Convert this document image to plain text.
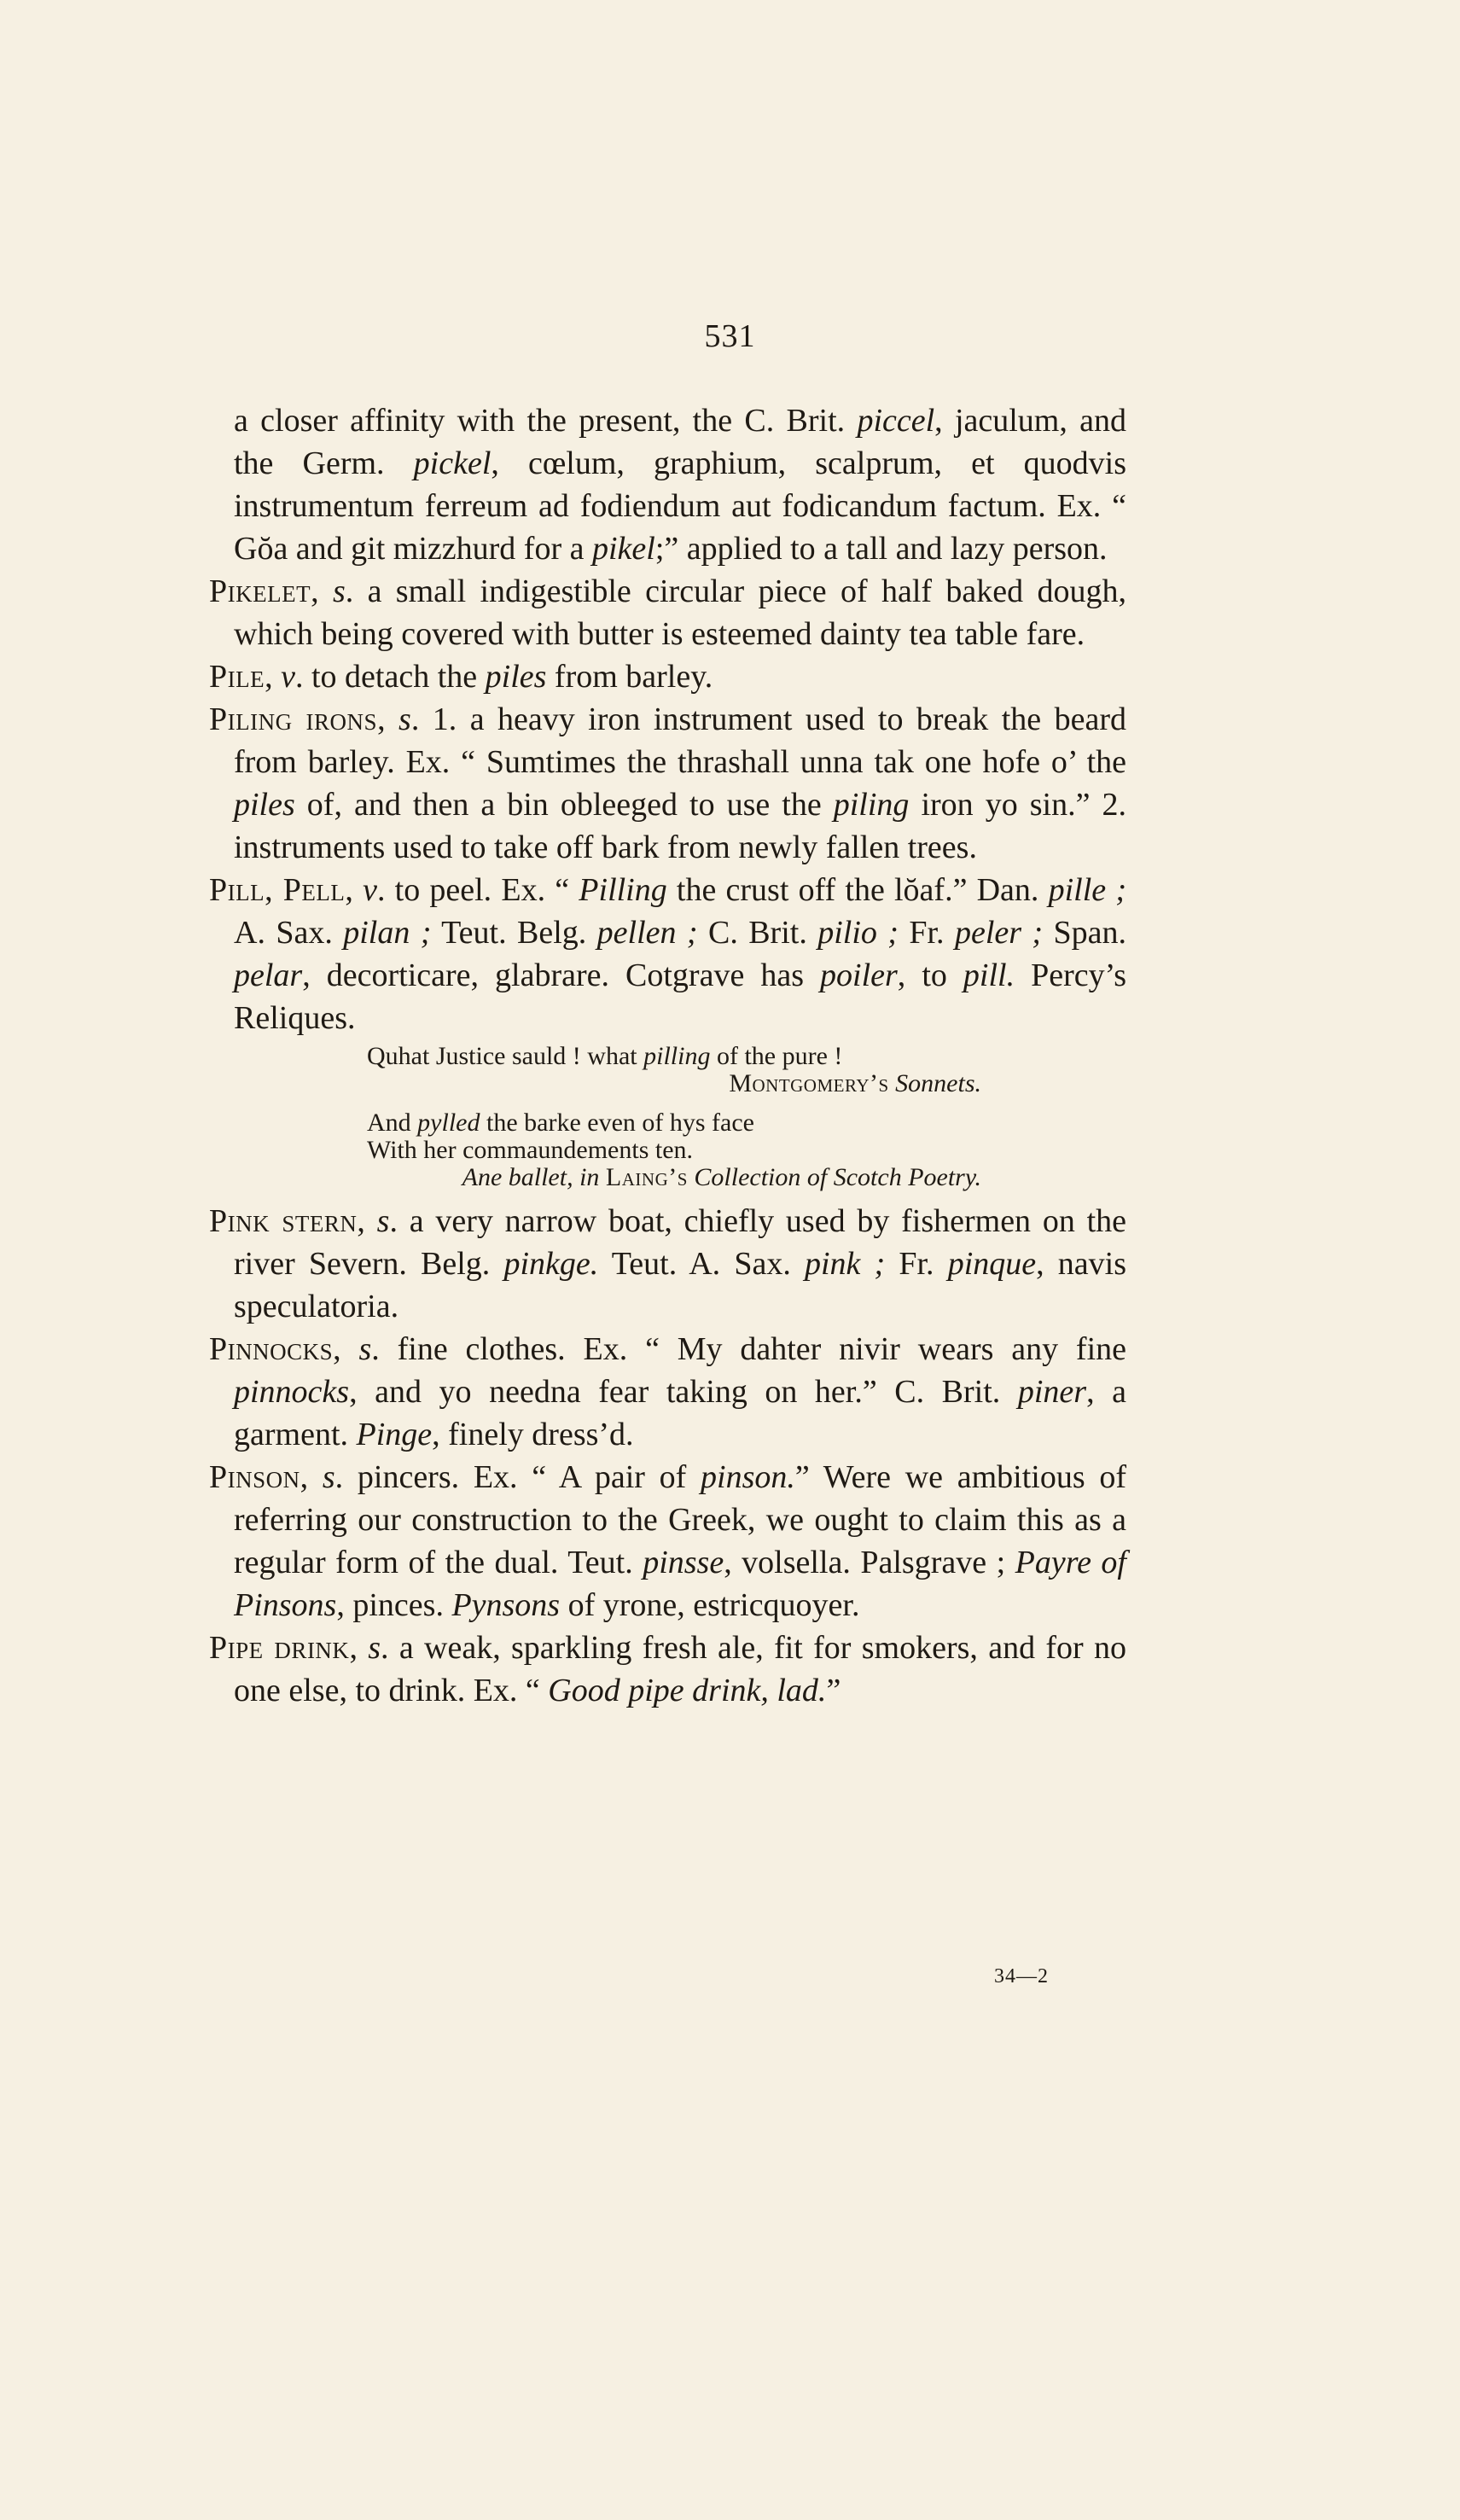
531

a closer affinity with the present, the C. Brit. piccel, jaculum, and the Germ. pickel, cœlum, graphium, scalprum, et quodvis instrumentum ferreum ad fodiendum aut fodicandum factum. Ex. “ Gŏa and git mizzhurd for a pikel;” applied to a tall and lazy person.

Pikelet, s. a small indigestible circular piece of half baked dough, which being covered with butter is esteemed dainty tea table fare.

Pile, v. to detach the piles from barley.

Piling irons, s. 1. a heavy iron instrument used to break the beard from barley. Ex. “ Sumtimes the thrashall unna tak one hofe o’ the piles of, and then a bin obleeged to use the piling iron yo sin.” 2. instruments used to take off bark from newly fallen trees.

Pill, Pell, v. to peel. Ex. “ Pilling the crust off the lŏaf.” Dan. pille ; A. Sax. pilan ; Teut. Belg. pellen ; C. Brit. pilio ; Fr. peler ; Span. pelar, decorticare, glabrare. Cotgrave has poiler, to pill. Percy’s Reliques.

Quhat Justice sauld ! what pilling of the pure !
Montgomery’s Sonnets.
And pylled the barke even of hys face
With her commaundements ten.
Ane ballet, in Laing’s Collection of Scotch Poetry.

Pink stern, s. a very narrow boat, chiefly used by fishermen on the river Severn. Belg. pinkge. Teut. A. Sax. pink ; Fr. pinque, navis speculatoria.

Pinnocks, s. fine clothes. Ex. “ My dahter nivir wears any fine pinnocks, and yo needna fear taking on her.” C. Brit. piner, a garment. Pinge, finely dress’d.

Pinson, s. pincers. Ex. “ A pair of pinson.” Were we ambitious of referring our construction to the Greek, we ought to claim this as a regular form of the dual. Teut. pinsse, volsella. Palsgrave ; Payre of Pinsons, pinces. Pynsons of yrone, estricquoyer.

Pipe drink, s. a weak, sparkling fresh ale, fit for smokers, and for no one else, to drink. Ex. “ Good pipe drink, lad.”

34—2
